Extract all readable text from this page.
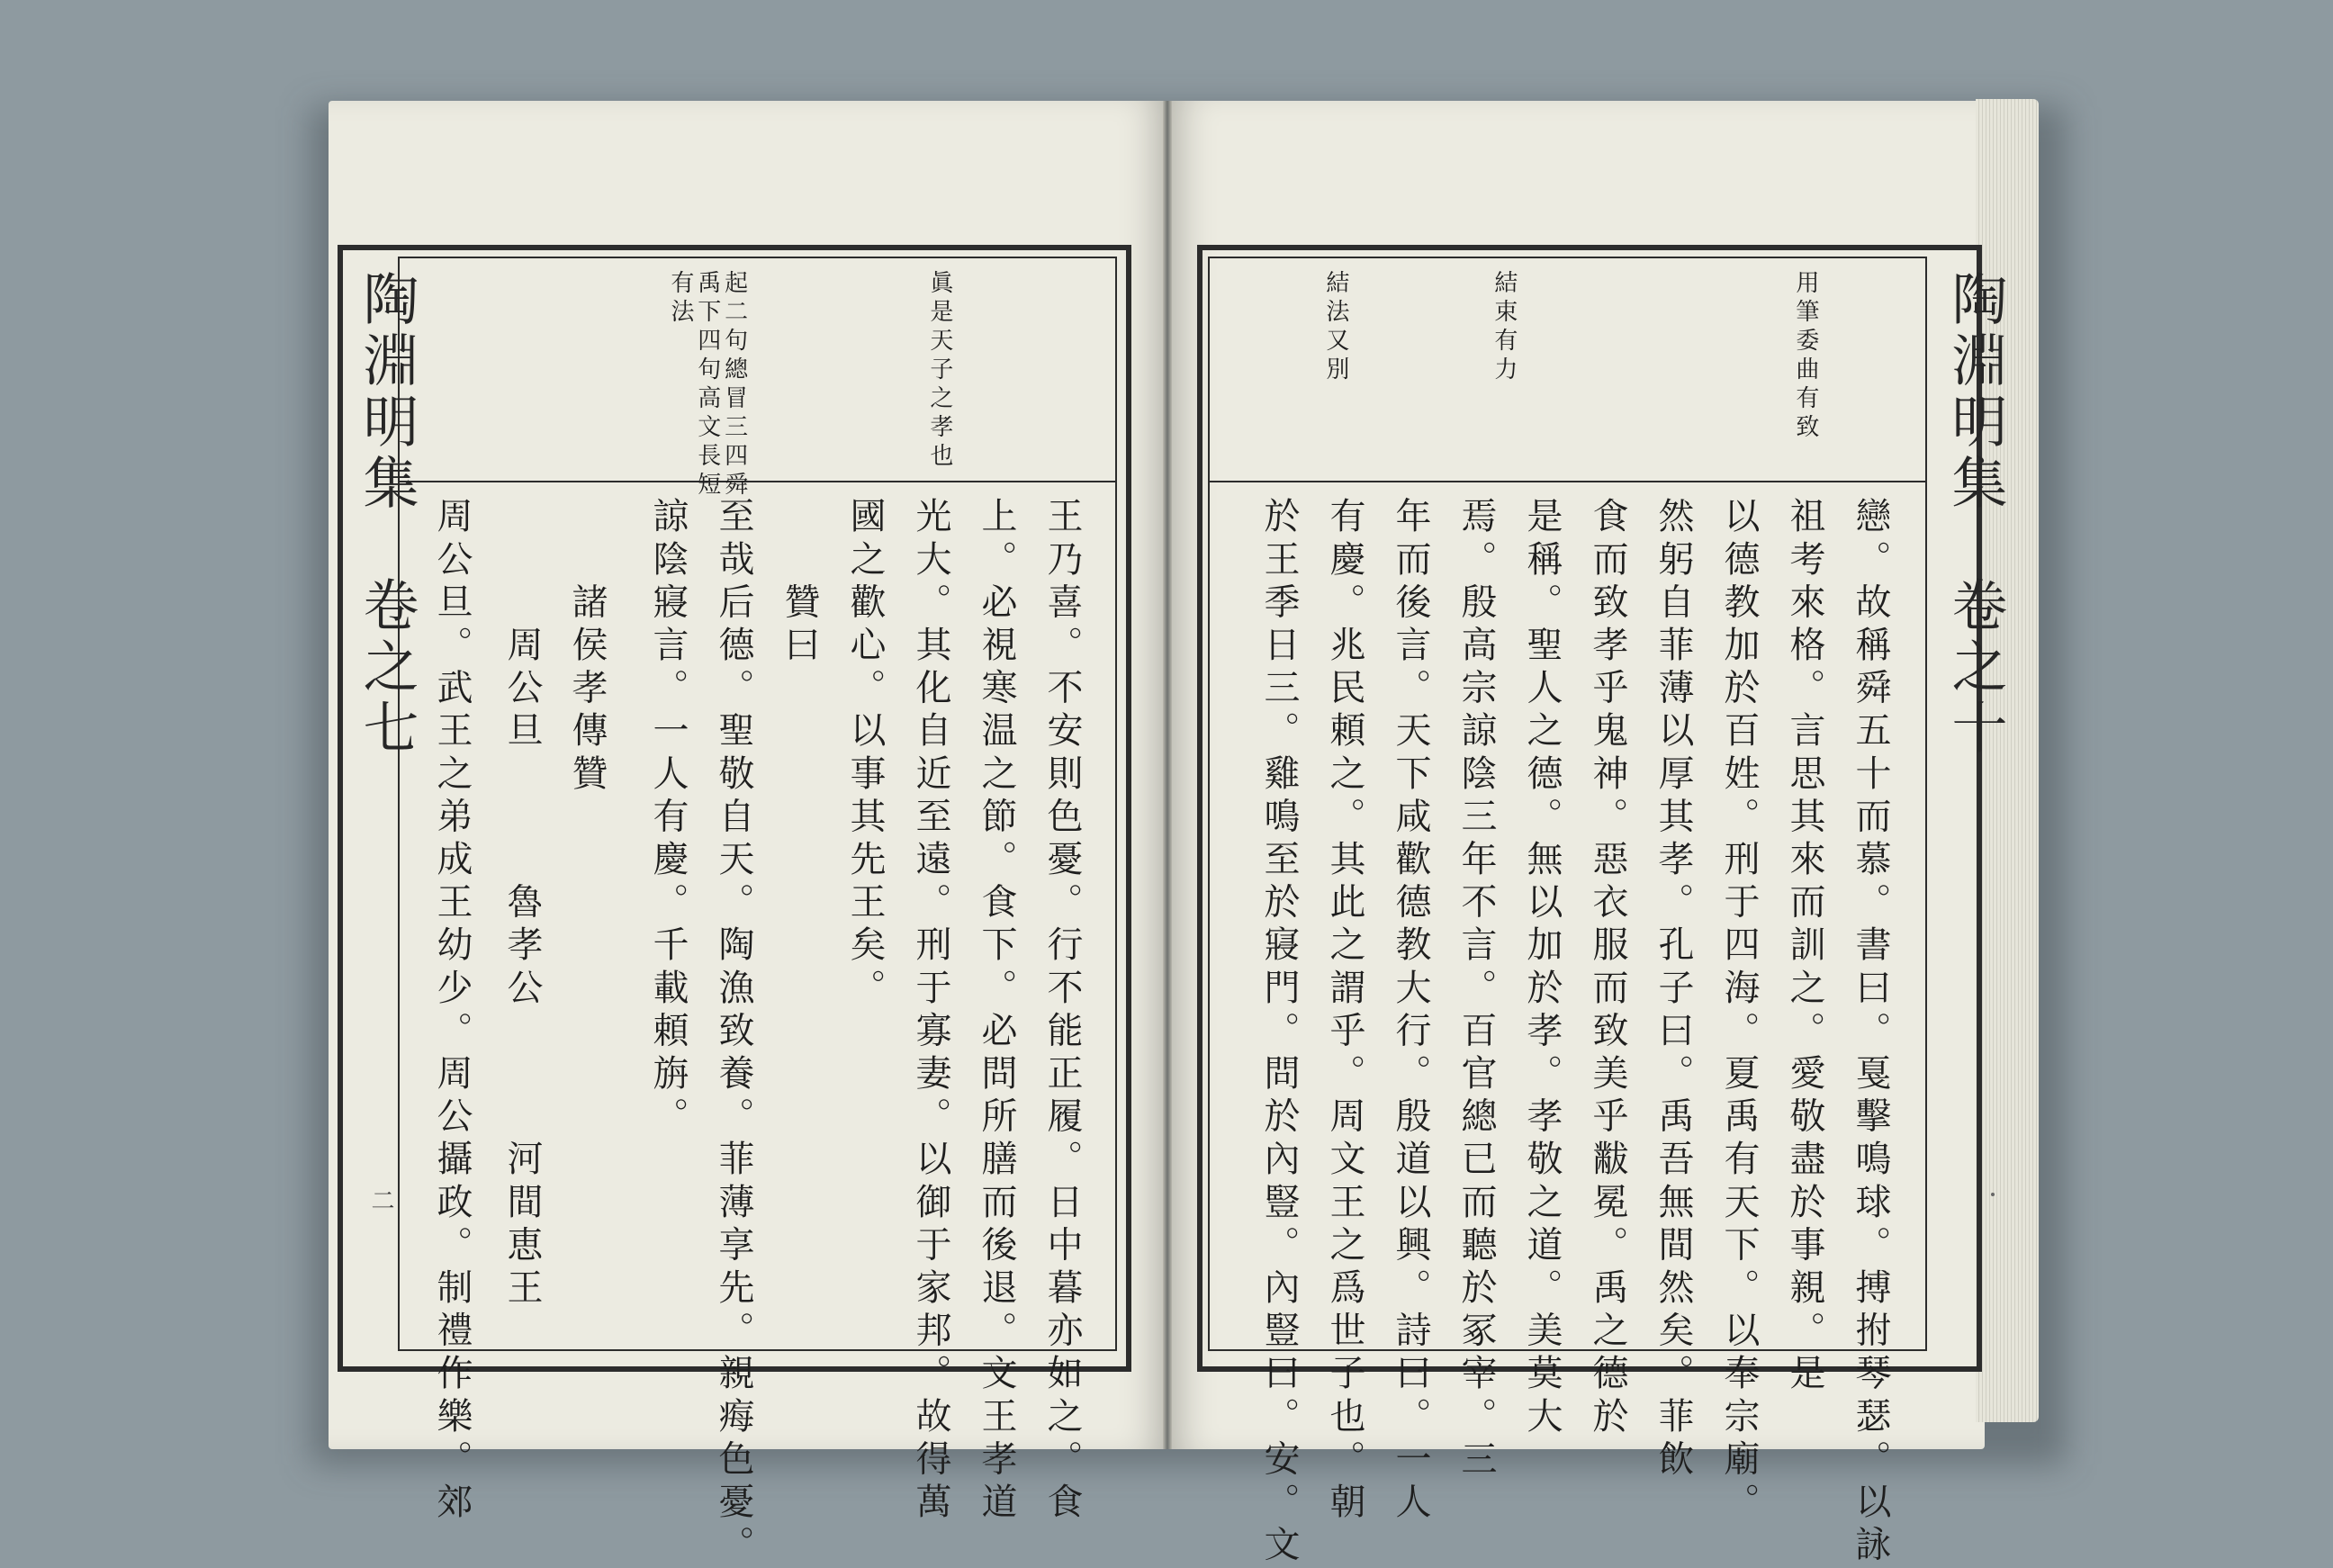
陶淵明集　卷之七	陶淵明集　卷之十
二
眞是天子之孝也
起二句總冒三四舜
禹下四句高文長短
有法
王乃喜。不安則色憂。行不能正履。日中暮亦如之。食
上。必視寒温之節。食下。必問所膳而後退。文王孝道
光大。其化自近至遠。刑于寡妻。以御于家邦。故得萬
國之歡心。以事其先王矣。
　　贊曰
至哉后德。聖敬自天。陶漁致養。菲薄享先。親痗色憂。
諒陰寢言。一人有慶。千載頼旃。
　　諸侯孝傳贊
　　　周公旦　　　魯孝公　　　河間恵王
周公旦。武王之弟成王幼少。周公攝政。制禮作樂。郊
用筆委曲有致
結束有力
結法又別
戀。故稱舜五十而慕。書曰。戛擊鳴球。搏拊琴瑟。以詠
祖考來格。言思其來而訓之。愛敬盡於事親。是
以德教加於百姓。刑于四海。夏禹有天下。以奉宗廟。
然躬自菲薄以厚其孝。孔子曰。禹吾無間然矣。菲飲
食而致孝乎鬼神。惡衣服而致美乎黻冕。禹之德於
是稱。聖人之德。無以加於孝。孝敬之道。美莫大
焉。殷高宗諒陰三年不言。百官總已而聽於冢宰。三
年而後言。天下咸歡德教大行。殷道以興。詩曰。一人
有慶。兆民頼之。其此之謂乎。周文王之爲世子也。朝
於王季日三。雞鳴至於寢門。問於內豎。內豎曰。安。文
